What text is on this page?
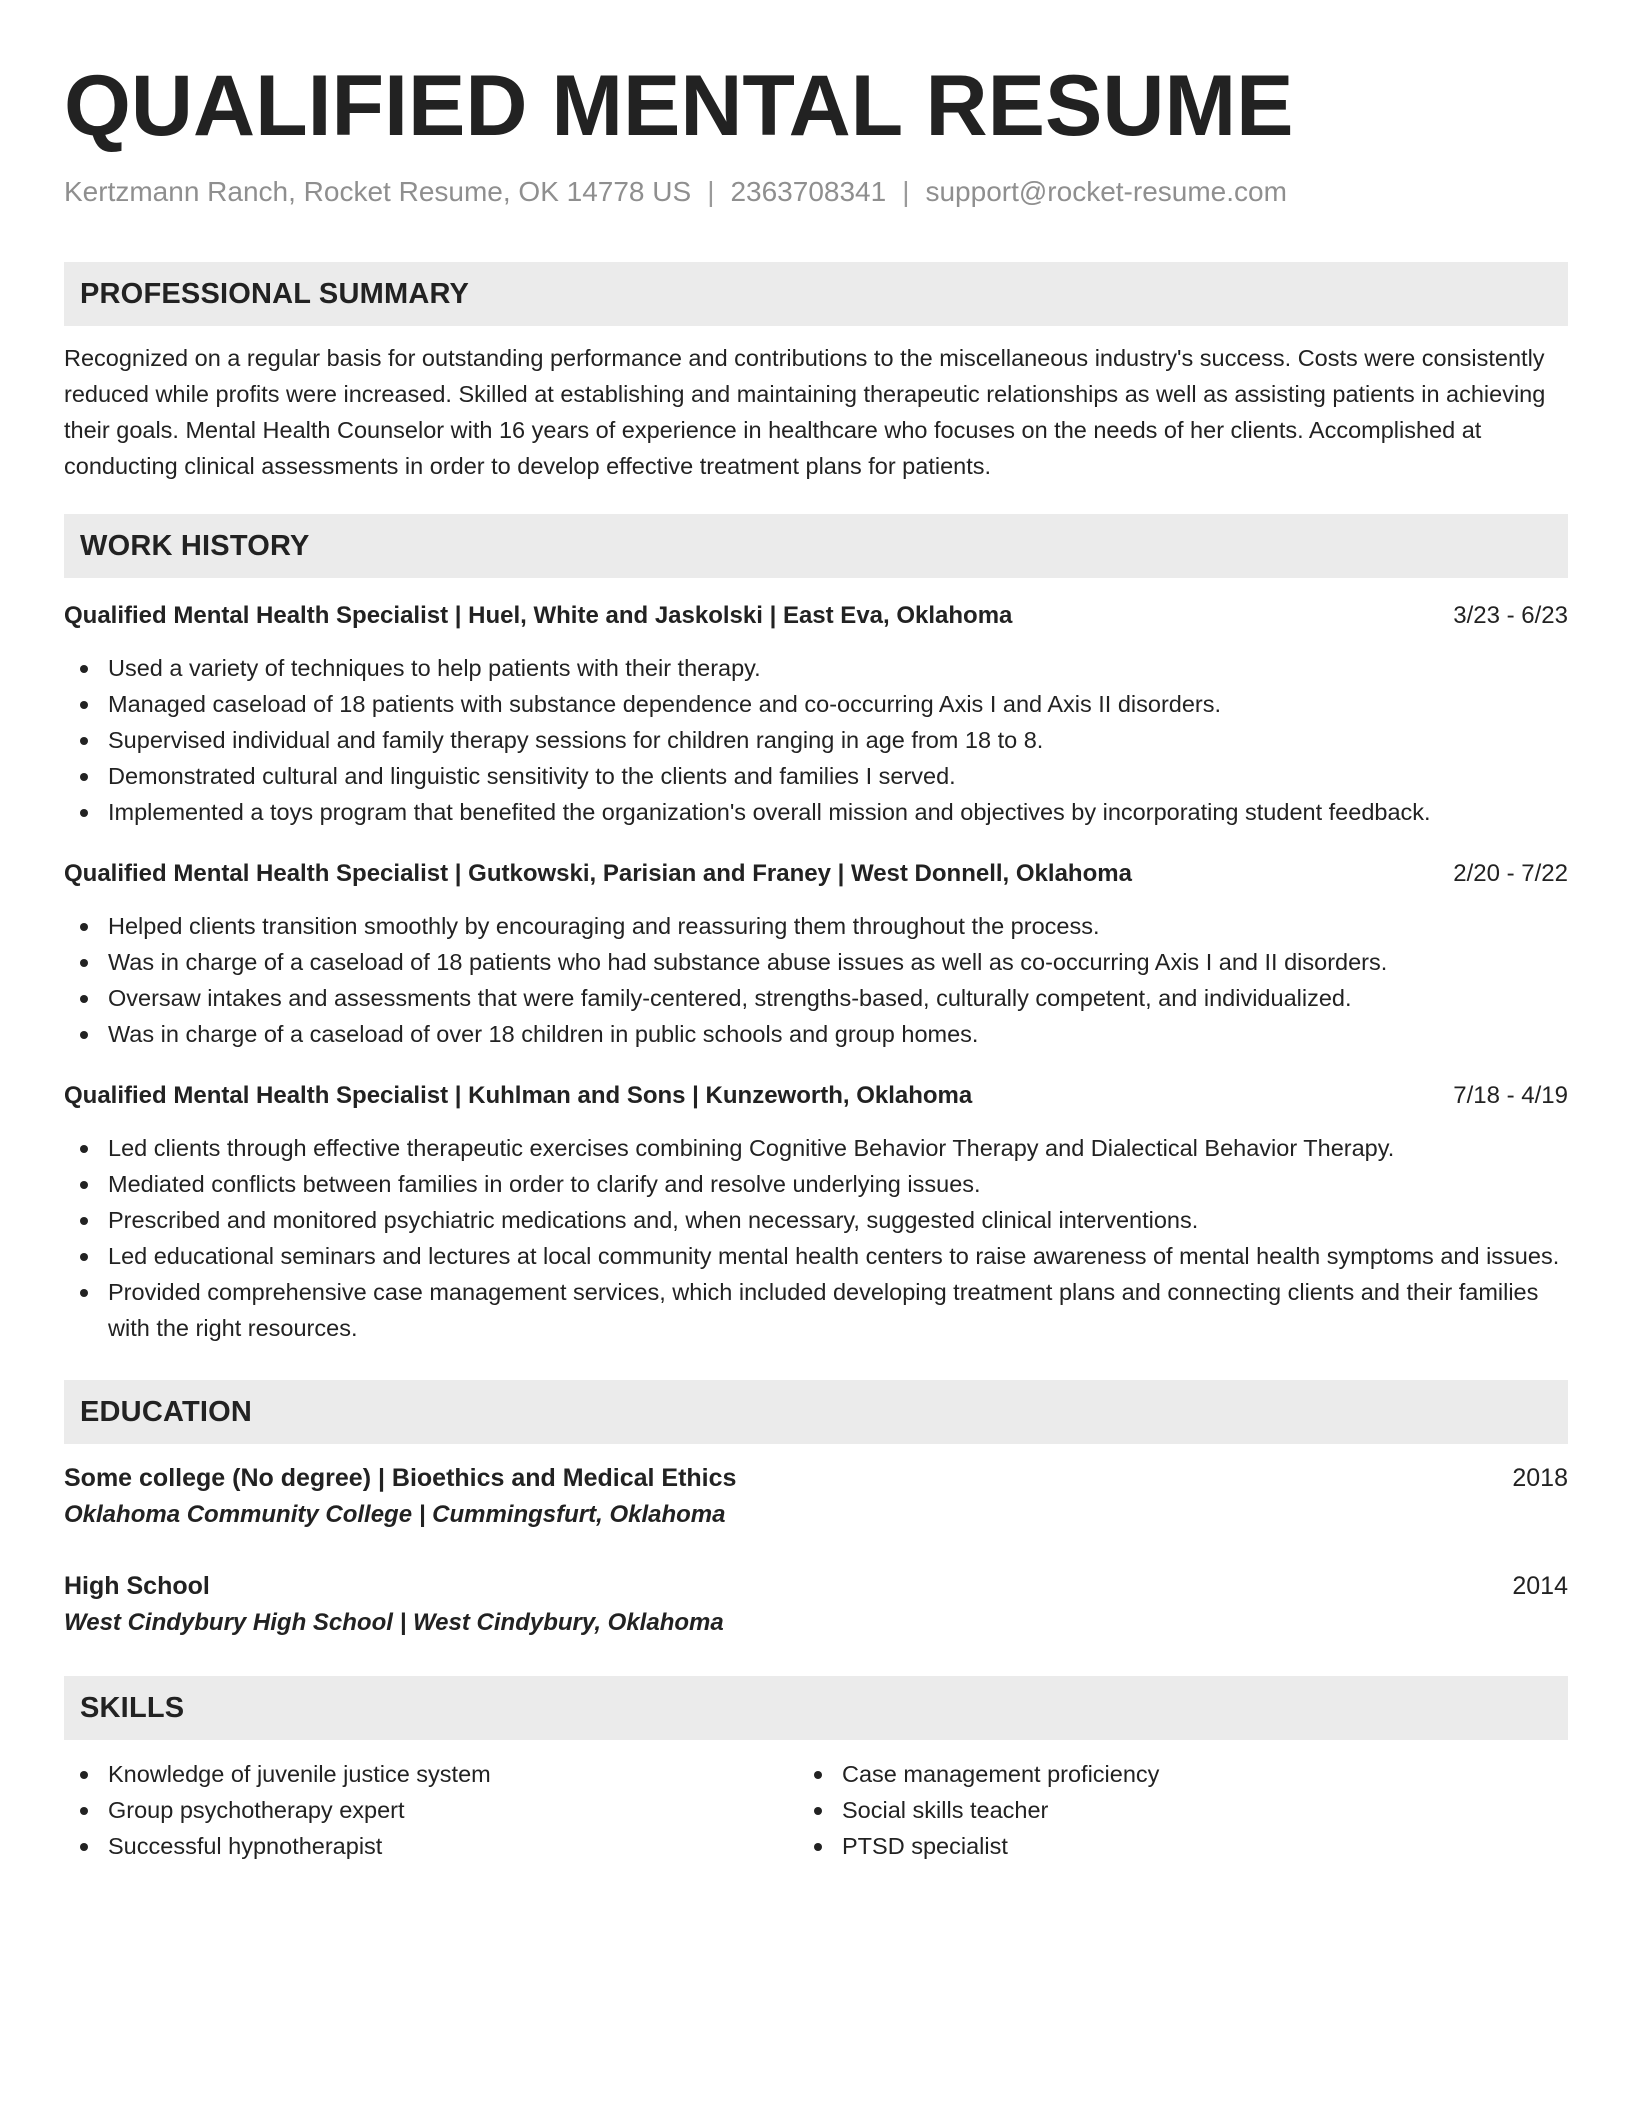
QUALIFIED MENTAL RESUME
Kertzmann Ranch, Rocket Resume, OK 14778 US | 2363708341 | support@rocket-resume.com
PROFESSIONAL SUMMARY
Recognized on a regular basis for outstanding performance and contributions to the miscellaneous industry's success. Costs were consistently reduced while profits were increased. Skilled at establishing and maintaining therapeutic relationships as well as assisting patients in achieving their goals. Mental Health Counselor with 16 years of experience in healthcare who focuses on the needs of her clients. Accomplished at conducting clinical assessments in order to develop effective treatment plans for patients.
WORK HISTORY
Qualified Mental Health Specialist | Huel, White and Jaskolski | East Eva, Oklahoma	3/23 - 6/23
Used a variety of techniques to help patients with their therapy.
Managed caseload of 18 patients with substance dependence and co-occurring Axis I and Axis II disorders.
Supervised individual and family therapy sessions for children ranging in age from 18 to 8.
Demonstrated cultural and linguistic sensitivity to the clients and families I served.
Implemented a toys program that benefited the organization's overall mission and objectives by incorporating student feedback.
Qualified Mental Health Specialist | Gutkowski, Parisian and Franey | West Donnell, Oklahoma	2/20 - 7/22
Helped clients transition smoothly by encouraging and reassuring them throughout the process.
Was in charge of a caseload of 18 patients who had substance abuse issues as well as co-occurring Axis I and II disorders.
Oversaw intakes and assessments that were family-centered, strengths-based, culturally competent, and individualized.
Was in charge of a caseload of over 18 children in public schools and group homes.
Qualified Mental Health Specialist | Kuhlman and Sons | Kunzeworth, Oklahoma	7/18 - 4/19
Led clients through effective therapeutic exercises combining Cognitive Behavior Therapy and Dialectical Behavior Therapy.
Mediated conflicts between families in order to clarify and resolve underlying issues.
Prescribed and monitored psychiatric medications and, when necessary, suggested clinical interventions.
Led educational seminars and lectures at local community mental health centers to raise awareness of mental health symptoms and issues.
Provided comprehensive case management services, which included developing treatment plans and connecting clients and their families with the right resources.
EDUCATION
Some college (No degree) | Bioethics and Medical Ethics	2018
Oklahoma Community College | Cummingsfurt, Oklahoma
High School	2014
West Cindybury High School | West Cindybury, Oklahoma
SKILLS
Knowledge of juvenile justice system
Group psychotherapy expert
Successful hypnotherapist
Case management proficiency
Social skills teacher
PTSD specialist
